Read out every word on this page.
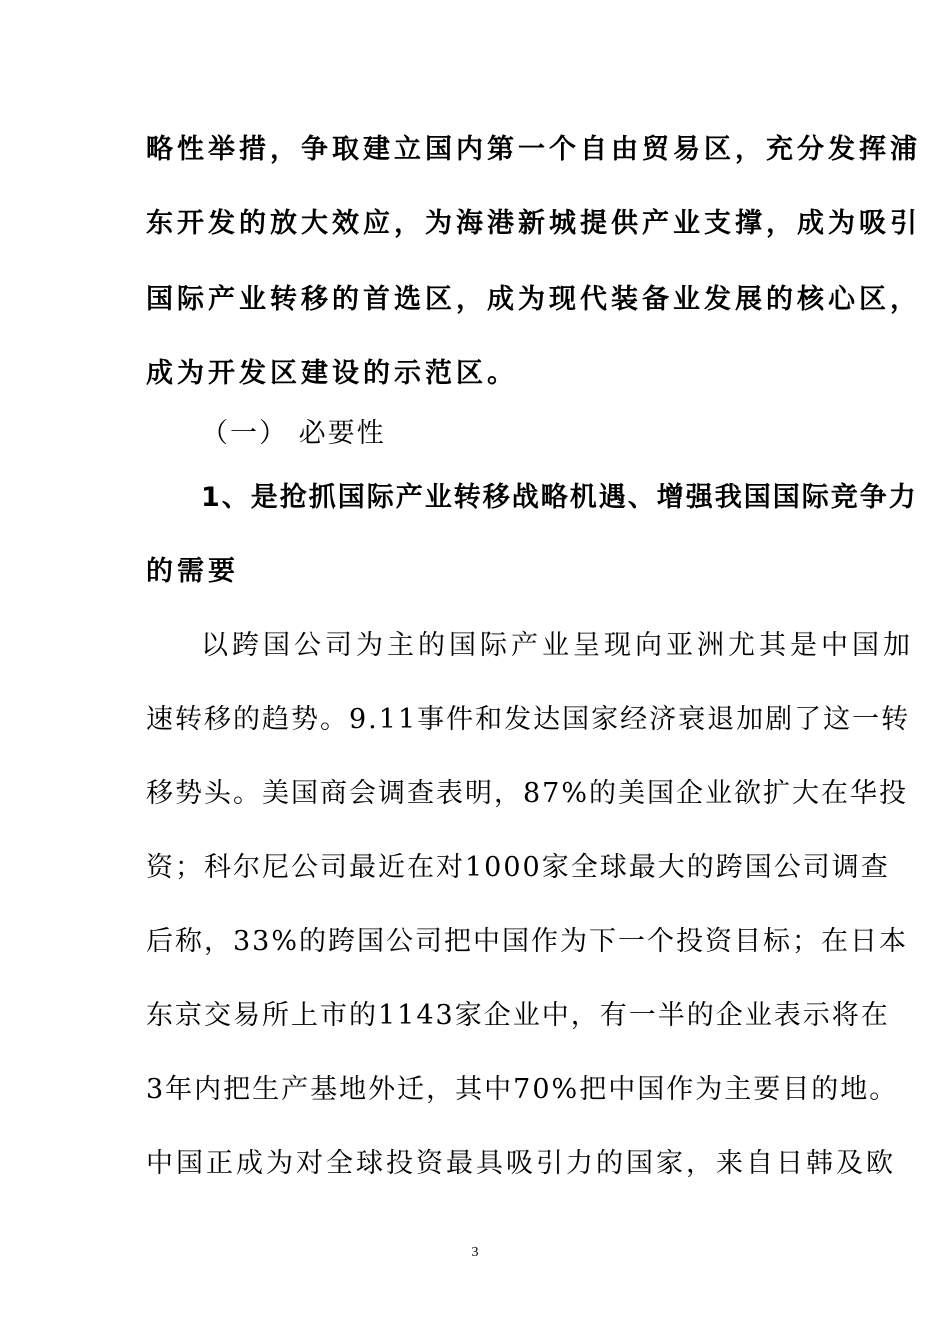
略性举措，争取建立国内第一个自由贸易区，充分发挥浦
东开发的放大效应，为海港新城提供产业支撑，成为吸引
国际产业转移的首选区，成为现代装备业发展的核心区，
成为开发区建设的示范区。
（一） 必要性
1、是抢抓国际产业转移战略机遇、增强我国国际竞争力
的需要
以跨国公司为主的国际产业呈现向亚洲尤其是中国加
速转移的趋势。9.11事件和发达国家经济衰退加剧了这一转
移势头。美国商会调查表明，87%的美国企业欲扩大在华投
资；科尔尼公司最近在对1000家全球最大的跨国公司调查
后称，33%的跨国公司把中国作为下一个投资目标；在日本
东京交易所上市的1143家企业中，有一半的企业表示将在
3年内把生产基地外迁，其中70%把中国作为主要目的地。
中国正成为对全球投资最具吸引力的国家，来自日韩及欧
3
